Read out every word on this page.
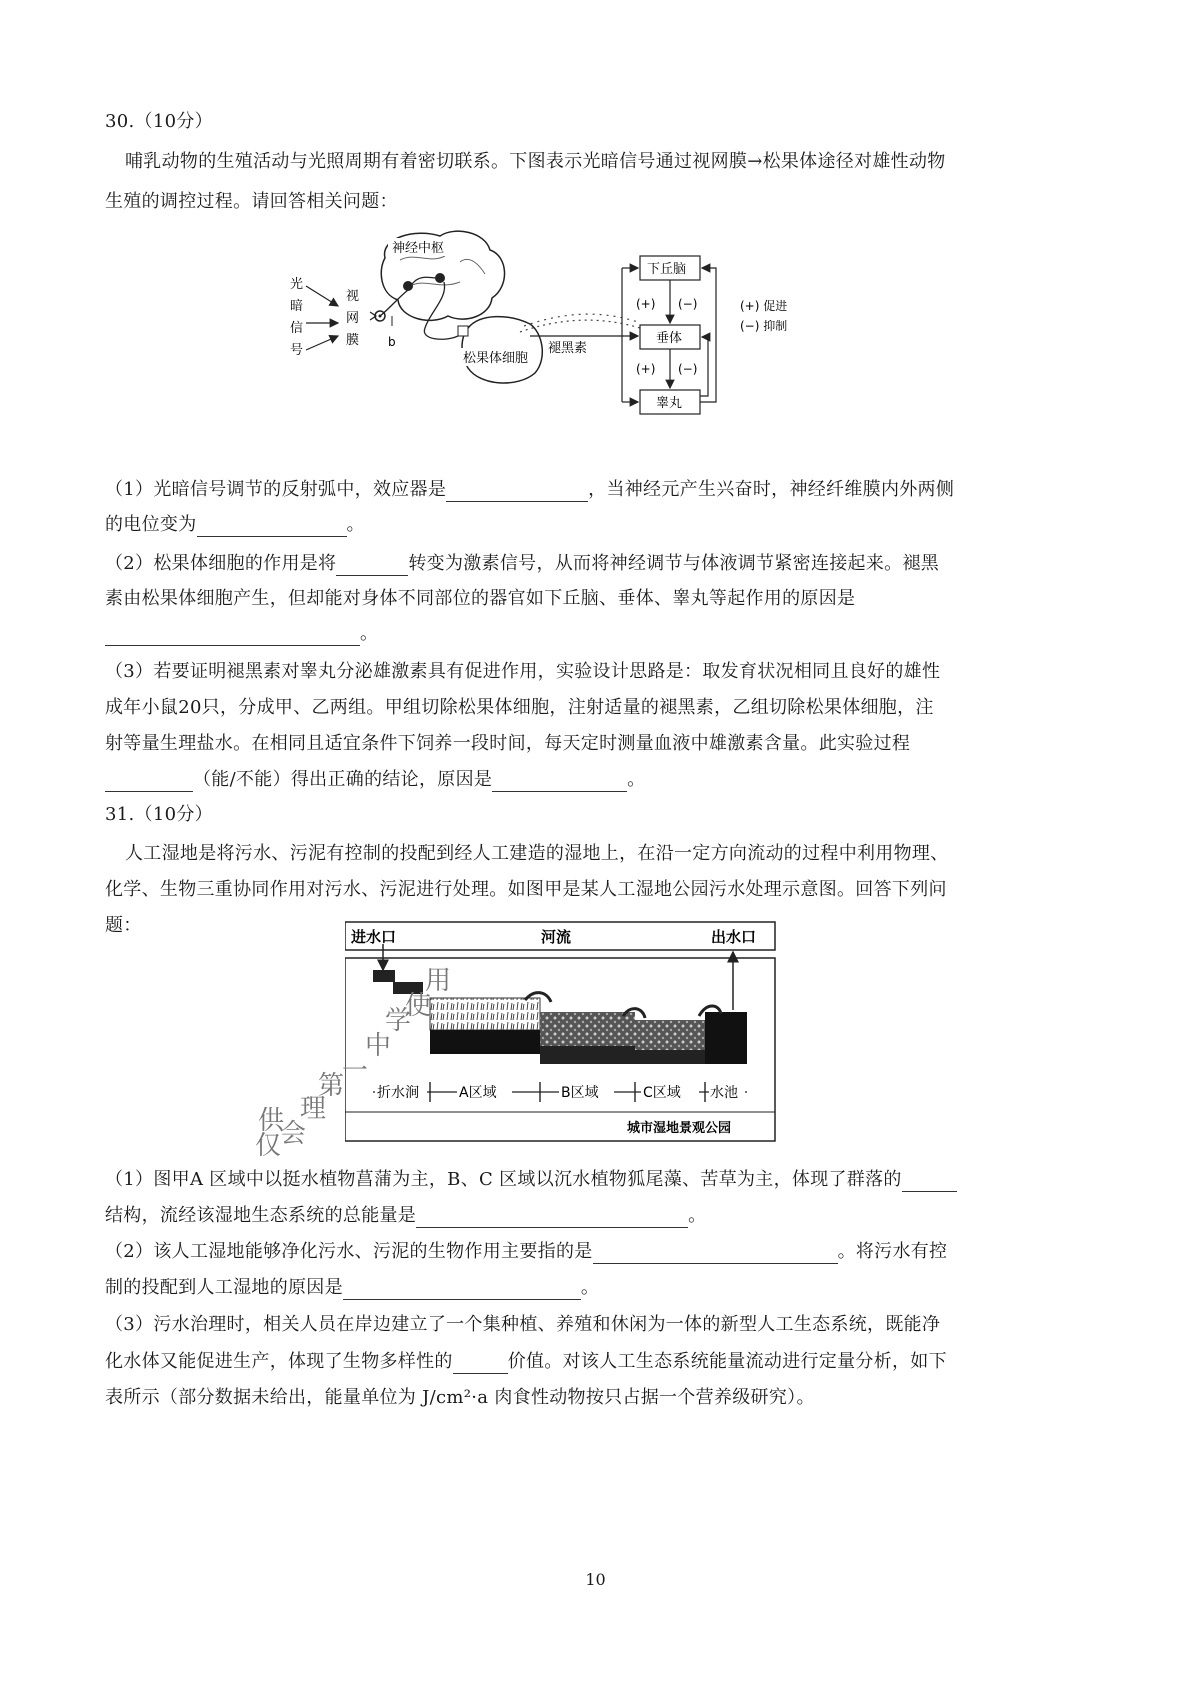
30.（10分）
哺乳动物的生殖活动与光照周期有着密切联系。下图表示光暗信号通过视网膜→松果体途径对雄性动物
生殖的调控过程。请回答相关问题：
光
暗
信
号
视
网
膜 b
神经中枢
松果体细胞
褪黑素
下丘脑
垂体
睾丸
(+)
(+)
(−)
(−)
(+) 促进
(−) 抑制
（1）光暗信号调节的反射弧中，效应器是	，当神经元产生兴奋时，神经纤维膜内外两侧
的电位变为	。
（2）松果体细胞的作用是将	转变为激素信号，从而将神经调节与体液调节紧密连接起来。褪黑
素由松果体细胞产生，但却能对身体不同部位的器官如下丘脑、垂体、睾丸等起作用的原因是
。
（3）若要证明褪黑素对睾丸分泌雄激素具有促进作用，实验设计思路是：取发育状况相同且良好的雄性
成年小鼠20只，分成甲、乙两组。甲组切除松果体细胞，注射适量的褪黑素，乙组切除松果体细胞，注
射等量生理盐水。在相同且适宜条件下饲养一段时间，每天定时测量血液中雄激素含量。此实验过程
（能/不能）得出正确的结论，原因是	。
31.（10分）
人工湿地是将污水、污泥有控制的投配到经人工建造的湿地上，在沿一定方向流动的过程中利用物理、
化学、生物三重协同作用对污水、污泥进行处理。如图甲是某人工湿地公园污水处理示意图。回答下列问
题：
进水口	河流	出水口
折水涧	A区域	B区域	C区域 水池
城市湿地景观公园
仅
供
会
理
第
一
中
学
使
用
（1）图甲A 区域中以挺水植物菖蒲为主，B、C 区域以沉水植物狐尾藻、苦草为主，体现了群落的
结构，流经该湿地生态系统的总能量是	。
（2）该人工湿地能够净化污水、污泥的生物作用主要指的是	。将污水有控
制的投配到人工湿地的原因是	。
（3）污水治理时，相关人员在岸边建立了一个集种植、养殖和休闲为一体的新型人工生态系统，既能净
化水体又能促进生产，体现了生物多样性的	价值。对该人工生态系统能量流动进行定量分析，如下
表所示（部分数据未给出，能量单位为 J/cm²·a 肉食性动物按只占据一个营养级研究）。
10
